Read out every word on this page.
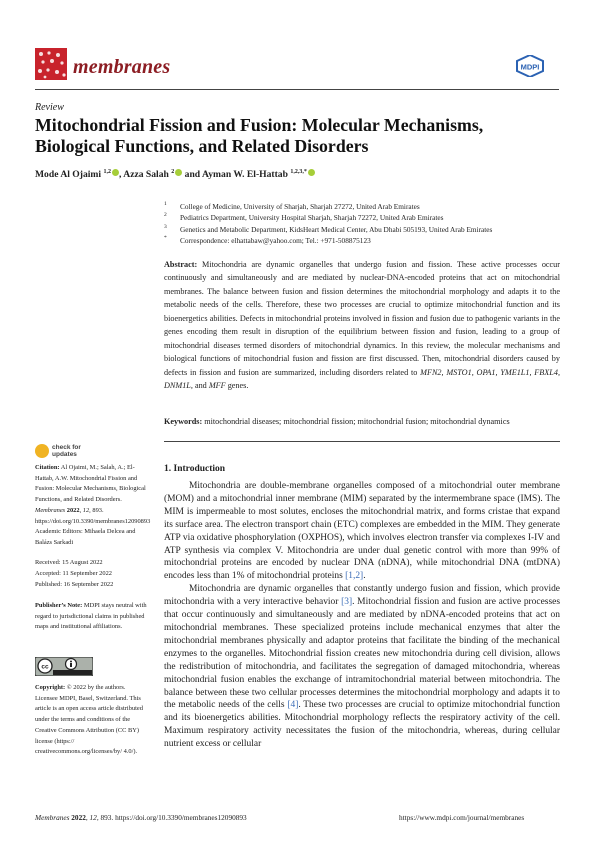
membranes	MDPI
Review
Mitochondrial Fission and Fusion: Molecular Mechanisms, Biological Functions, and Related Disorders
Mode Al Ojaimi $^{1,2}$ , Azza Salah $^2$ and Ayman W. El-Hattab $^{1,2,3,*}$
1 College of Medicine, University of Sharjah, Sharjah 27272, United Arab Emirates
2 Pediatrics Department, University Hospital Sharjah, Sharjah 72272, United Arab Emirates
3 Genetics and Metabolic Department, KidsHeart Medical Center, Abu Dhabi 505193, United Arab Emirates
* Correspondence: elhattabaw@yahoo.com; Tel.: +971-508875123
Abstract: Mitochondria are dynamic organelles that undergo fusion and fission. These active processes occur continuously and simultaneously and are mediated by nuclear-DNA-encoded proteins that act on mitochondrial membranes. The balance between fusion and fission determines the mitochondrial morphology and adapts it to the metabolic needs of the cells. Therefore, these two processes are crucial to optimize mitochondrial function and its bioenergetics abilities. Defects in mitochondrial proteins involved in fission and fusion due to pathogenic variants in the genes encoding them result in disruption of the equilibrium between fission and fusion, leading to a group of mitochondrial diseases termed disorders of mitochondrial dynamics. In this review, the molecular mechanisms and biological functions of mitochondrial fusion and fission are first discussed. Then, mitochondrial disorders caused by defects in fission and fusion are summarized, including disorders related to MFN2, MSTO1, OPA1, YME1L1, FBXL4, DNM1L, and MFF genes.
Keywords: mitochondrial diseases; mitochondrial fission; mitochondrial fusion; mitochondrial dynamics
1. Introduction

Mitochondria are double-membrane organelles composed of a mitochondrial outer membrane (MOM) and a mitochondrial inner membrane (MIM) separated by the intermembrane space (IMS). The MIM is impermeable to most solutes, encloses the mitochondrial matrix, and forms cristae that expand its surface area. The electron transport chain (ETC) complexes are embedded in the MIM. They generate ATP via oxidative phosphorylation (OXPHOS), which involves electron transfer via complexes I-IV and ATP synthesis via complex V. Mitochondria are under dual genetic control with more than 99% of mitochondrial proteins are encoded by nuclear DNA (nDNA), while mitochondrial DNA (mtDNA) encodes less than 1% of mitochondrial proteins [1,2].

Mitochondria are dynamic organelles that constantly undergo fusion and fission, which provide mitochondria with a very interactive behavior [3]. Mitochondrial fission and fusion are active processes that occur continuously and simultaneously and are mediated by nDNA-encoded proteins that act on mitochondrial membranes. These specialized proteins include mechanical enzymes that alter the mitochondrial membranes physically and adaptor proteins that facilitate the binding of the mechanical enzymes to the organelles. Mitochondrial fission creates new mitochondria during cell division, allows the redistribution of mitochondria, and facilitates the segregation of damaged mitochondria, whereas mitochondrial fusion enables the exchange of intramitochondrial material between mitochondria. The balance between these two cellular processes determines the mitochondrial morphology and adapts it to the metabolic needs of the cells [4]. These two processes are crucial to optimize mitochondrial function and its bioenergetics abilities. Mitochondrial morphology reflects the respiratory activity of the cell. Maximum respiratory activity necessitates the fusion of the mitochondria, whereas, during cellular nutrient excess or cellular

check for updates
Citation: Al Ojaimi, M.; Salah, A.; El-Hattab, A.W. Mitochondrial Fission and Fusion: Molecular Mechanisms, Biological Functions, and Related Disorders. Membranes 2022, 12, 893. https://doi.org/10.3390/membranes12090893
Academic Editors: Mihaela Delcea and Balázs Sarkadi
Received: 15 August 2022
Accepted: 11 September 2022
Published: 16 September 2022
Publisher’s Note: MDPI stays neutral with regard to jurisdictional claims in published maps and institutional affiliations.
cc
Copyright: © 2022 by the authors. Licensee MDPI, Basel, Switzerland. This article is an open access article distributed under the terms and conditions of the Creative Commons Attribution (CC BY) license (https:// creativecommons.org/licenses/by/ 4.0/).
Membranes 2022, 12, 893. https://doi.org/10.3390/membranes12090893	https://www.mdpi.com/journal/membranes
